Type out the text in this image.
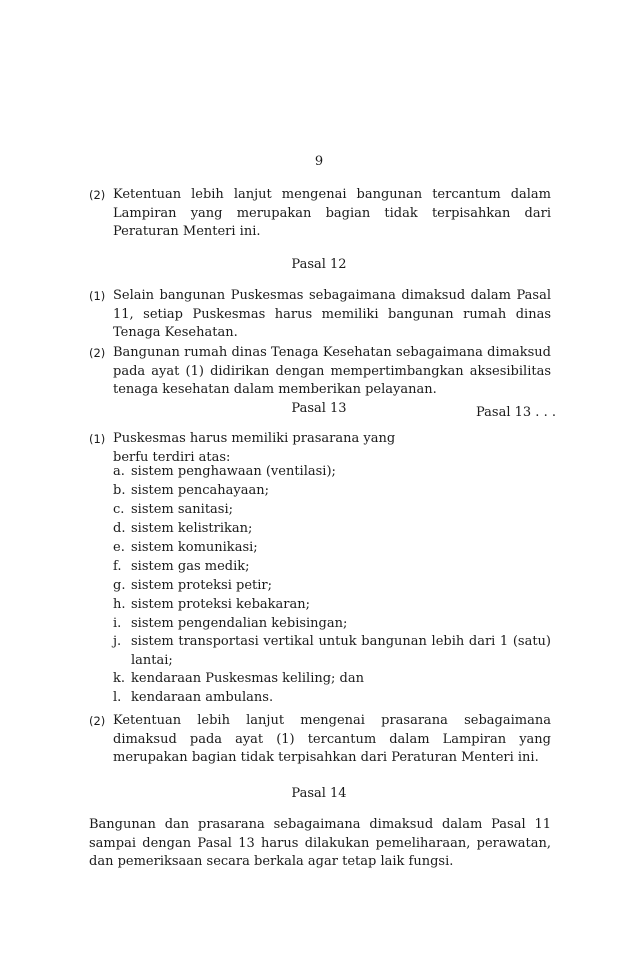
9
(2) Ketentuan lebih lanjut mengenai bangunan tercantum dalam Lampiran yang merupakan bagian tidak terpisahkan dari Peraturan Menteri ini.
Pasal 12
(1) Selain bangunan Puskesmas sebagaimana dimaksud dalam Pasal 11, setiap Puskesmas harus memiliki bangunan rumah dinas Tenaga Kesehatan.
(2) Bangunan rumah dinas Tenaga Kesehatan sebagaimana dimaksud pada ayat (1) didirikan dengan mempertimbangkan aksesibilitas tenaga kesehatan dalam memberikan pelayanan.
Pasal 13	Pasal 13 . . .
(1) Puskesmas harus memiliki prasarana yang berfu terdiri atas:
a. sistem penghawaan (ventilasi);
b. sistem pencahayaan;
c. sistem sanitasi;
d. sistem kelistrikan;
e. sistem komunikasi;
f. sistem gas medik;
g. sistem proteksi petir;
h. sistem proteksi kebakaran;
i. sistem pengendalian kebisingan;
j. sistem transportasi vertikal untuk bangunan lebih dari 1 (satu) lantai;
k. kendaraan Puskesmas keliling; dan
l. kendaraan ambulans.
(2) Ketentuan lebih lanjut mengenai prasarana sebagaimana dimaksud pada ayat (1) tercantum dalam Lampiran yang merupakan bagian tidak terpisahkan dari Peraturan Menteri ini.
Pasal 14
Bangunan dan prasarana sebagaimana dimaksud dalam Pasal 11 sampai dengan Pasal 13 harus dilakukan pemeliharaan, perawatan, dan pemeriksaan secara berkala agar tetap laik fungsi.
